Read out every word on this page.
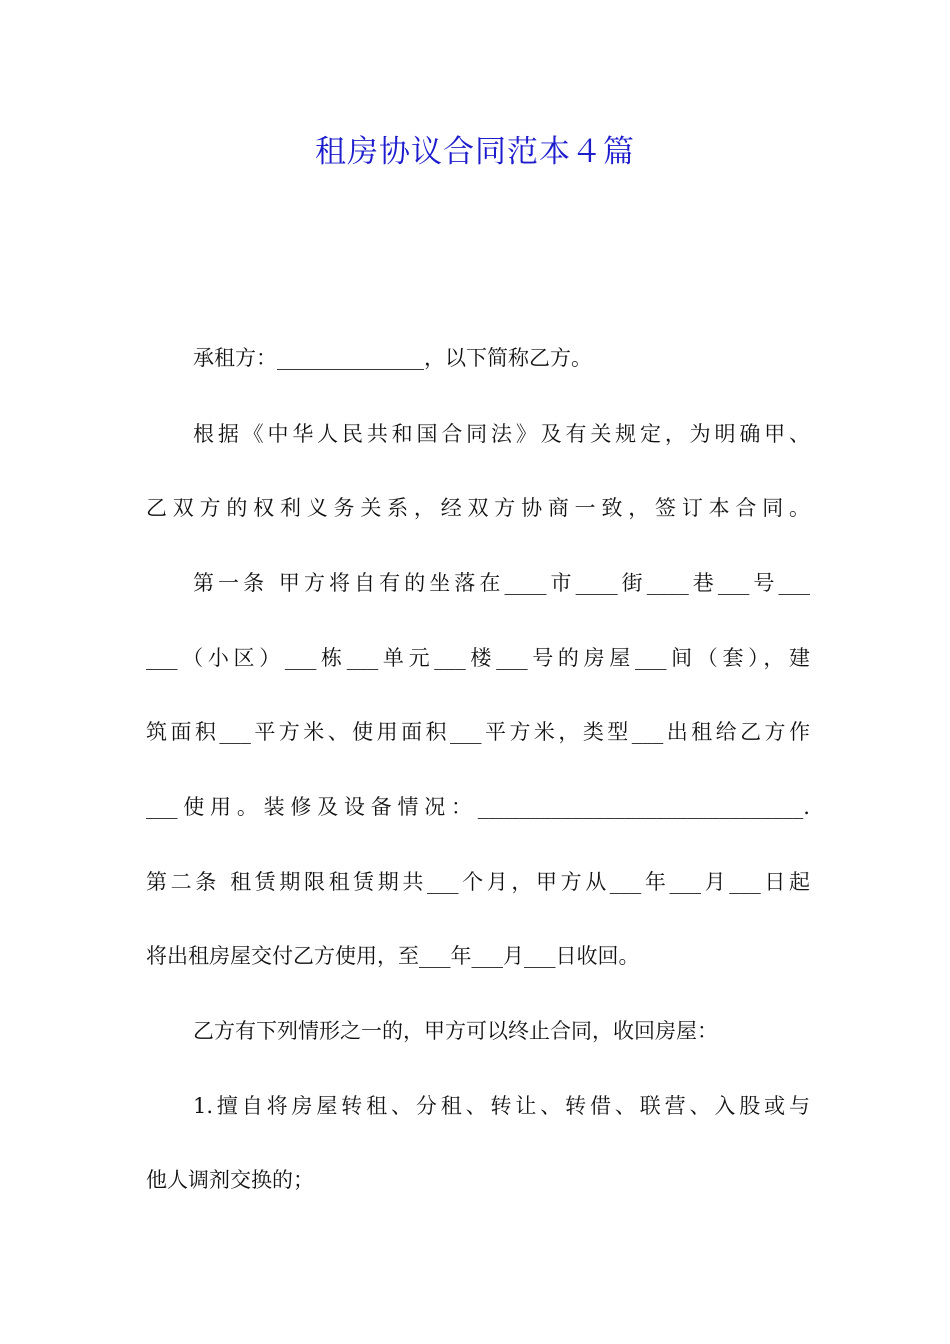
租房协议合同范本４篇

承租方：______________，以下简称乙方。

根据《中华人民共和国合同法》及有关规定，为明确甲、

乙双方的权利义务关系，经双方协商一致，签订本合同。

第一条 甲方将自有的坐落在____市____街____巷___号___

___（小区）___栋___单元___楼___号的房屋___间（套），建

筑面积___平方米、使用面积___平方米，类型___出租给乙方作

___使用。装修及设备情况：_______________________________.

第二条 租赁期限租赁期共___个月，甲方从___年___月___日起

将出租房屋交付乙方使用，至___年___月___日收回。

乙方有下列情形之一的，甲方可以终止合同，收回房屋：

1.擅自将房屋转租、分租、转让、转借、联营、入股或与

他人调剂交换的；
